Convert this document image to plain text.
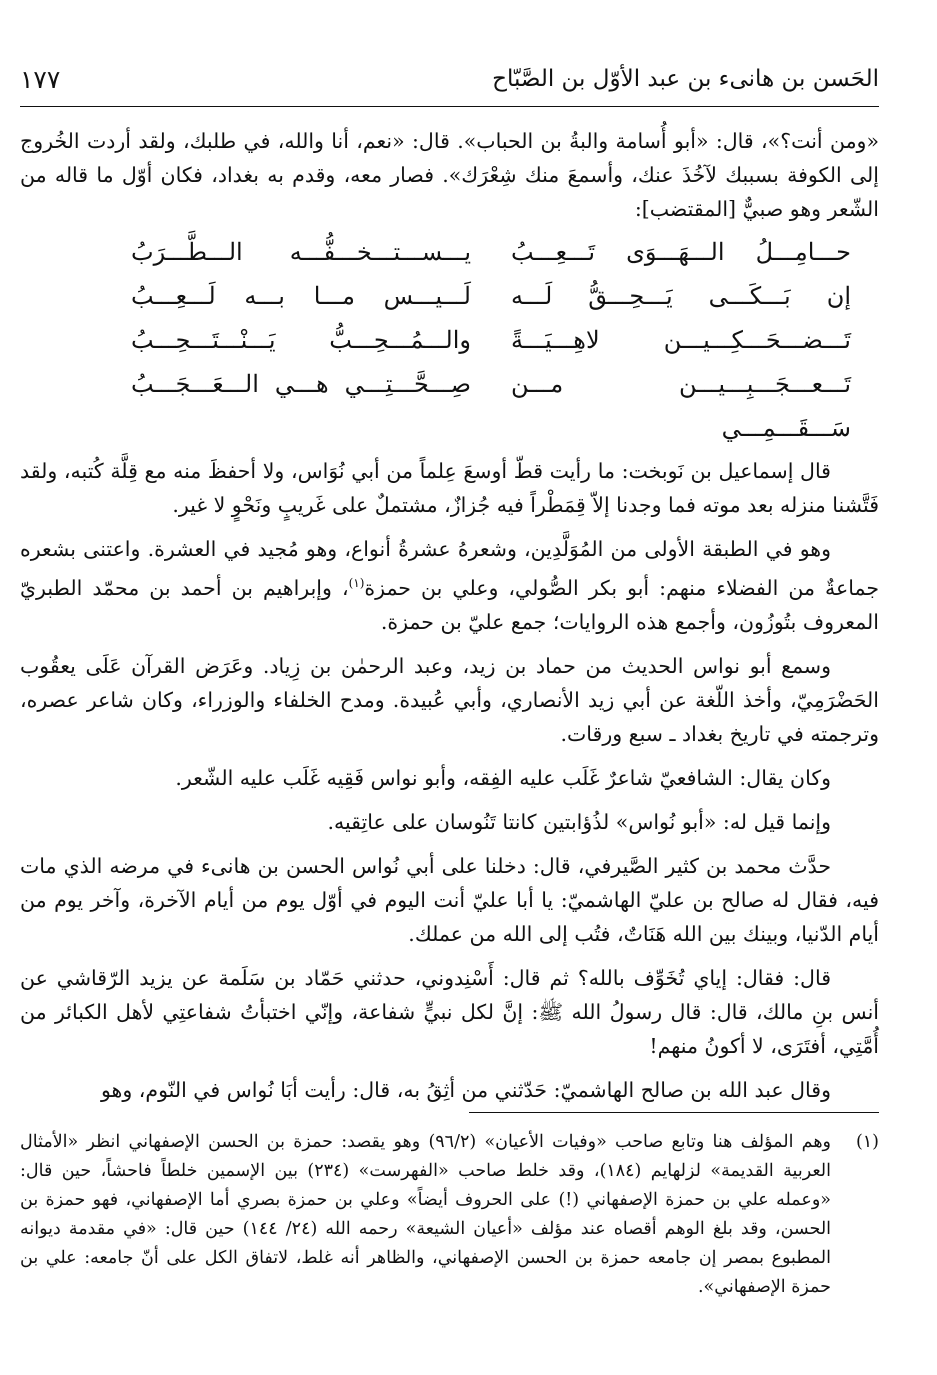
الحَسن بن هانىء بن عبد الأوّل بن الصَّبّاح
١٧٧

«ومن أنت؟»، قال: «أبو أُسامة والبةُ بن الحباب». قال: «نعم، أنا والله، في طلبك، ولقد أردت الخُروج إلى الكوفة بسببك لآخُذَ عنك، وأسمعَ منك شِعْرَك». فصار معه، وقدم به بغداد، فكان أوّل ما قاله من الشّعر وهو صبيٌّ [المقتضب]:

حـــامِـــلُ الـــهَـــوَى تَـــعِـــبُ
يـــســـتـــخـــفُّـــه الـــطَّـــرَبُ
إن بَـــكَـــى يَـــحِـــقُّ لَـــه
لَـــيـــس مـــا بـــه لَـــعِـــبُ
تَـــضـــحَـــكِـــيـــن لاهِـــيَـــةً
والـــمُـــحِـــبُّ يَـــنْـــتَـــحِـــبُ
تَـــعـــجَـــبِـــيـــن مـــن سَـــقَـــمِـــي
صِـــحَّـــتِـــي هـــي الـــعَـــجَـــبُ

قال إسماعيل بن نَوبخت: ما رأيت قطّ أوسعَ عِلماً من أبي نُوَاس، ولا أحفظَ منه مع قِلَّة كُتبه، ولقد فَتَّشنا منزله بعد موته فما وجدنا إلاّ قِمَطْراً فيه جُزازٌ، مشتملٌ على غَريبٍ ونَحْوٍ لا غير.

وهو في الطبقة الأولى من المُوَلَّدِين، وشعرهُ عشرةُ أنواع، وهو مُجيد في العشرة. واعتنى بشعره جماعةٌ من الفضلاء منهم: أبو بكر الصُّولي، وعلي بن حمزة$^{(١)}$، وإبراهيم بن أحمد بن محمّد الطبريّ المعروف بتُوزُون، وأجمع هذه الروايات؛ جمع عليّ بن حمزة.

وسمع أبو نواس الحديث من حماد بن زيد، وعبد الرحمٰن بن زِياد. وعَرَض القرآن عَلَى يعقُوب الحَضْرَمِيّ، وأخذ اللّغة عن أبي زيد الأنصاري، وأبي عُبيدة. ومدح الخلفاء والوزراء، وكان شاعر عصره، وترجمته في تاريخ بغداد ـ سبع ورقات.

وكان يقال: الشافعيّ شاعرٌ غَلَب عليه الفِقه، وأبو نواس فَقِيه غَلَب عليه الشّعر.

وإنما قيل له: «أبو نُواس» لذُؤابتين كانتا تَنُوسان على عاتِقيه.

حدَّث محمد بن كثير الصَّيرفي، قال: دخلنا على أبي نُواس الحسن بن هانىء في مرضه الذي مات فيه، فقال له صالح بن عليّ الهاشميّ: يا أبا عليّ أنت اليوم في أوّل يوم من أيام الآخرة، وآخر يوم من أيام الدّنيا، وبينك بين الله هَنَاتٌ، فتُب إلى الله من عملك.

قال: فقال: إياي تُخَوِّف بالله؟ ثم قال: أَسْنِدوني، حدثني حَمّاد بن سَلَمة عن يزيد الرّقاشي عن أنس بنِ مالك، قال: قال رسولُ الله ﷺ: إنَّ لكل نبيٍّ شفاعة، وإنّي اختبأتُ شفاعتِي لأهل الكبائر من أُمَّتِي، أفتَرَى، لا أكونُ منهم!

وقال عبد الله بن صالح الهاشميّ: حَدّثني من أثِقُ به، قال: رأيت أبَا نُواس في النّوم، وهو

(١)
وهم المؤلف هنا وتابع صاحب «وفيات الأعيان» (٩٦/٢) وهو يقصد: حمزة بن الحسن الإصفهاني انظر «الأمثال العربية القديمة» لزلهايم (١٨٤)، وقد خلط صاحب «الفهرست» (٢٣٤) بين الإسمين خلطاً فاحشاً، حين قال: «وعمله علي بن حمزة الإصفهاني (!) على الحروف أيضاً» وعلي بن حمزة بصري أما الإصفهاني، فهو حمزة بن الحسن، وقد بلغ الوهم أقصاه عند مؤلف «أعيان الشيعة» رحمه الله (٢٤/ ١٤٤) حين قال: «في مقدمة ديوانه المطبوع بمصر إن جامعه حمزة بن الحسن الإصفهاني، والظاهر أنه غلط، لاتفاق الكل على أنّ جامعه: علي بن حمزة الإصفهاني».
